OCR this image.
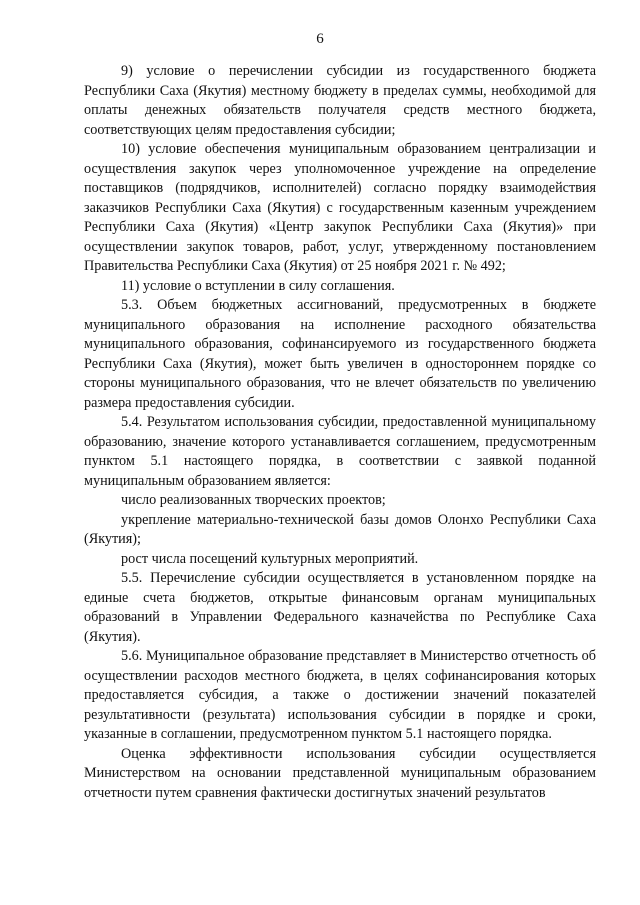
6

9) условие о перечислении субсидии из государственного бюджета Республики Саха (Якутия) местному бюджету в пределах суммы, необходимой для оплаты денежных обязательств получателя средств местного бюджета, соответствующих целям предоставления субсидии;

10) условие обеспечения муниципальным образованием централизации и осуществления закупок через уполномоченное учреждение на определение поставщиков (подрядчиков, исполнителей) согласно порядку взаимодействия заказчиков Республики Саха (Якутия) с государственным казенным учреждением Республики Саха (Якутия) «Центр закупок Республики Саха (Якутия)» при осуществлении закупок товаров, работ, услуг, утвержденному постановлением Правительства Республики Саха (Якутия) от 25 ноября 2021 г. № 492;

11) условие о вступлении в силу соглашения.

5.3. Объем бюджетных ассигнований, предусмотренных в бюджете муниципального образования на исполнение расходного обязательства муниципального образования, софинансируемого из государственного бюджета Республики Саха (Якутия), может быть увеличен в одностороннем порядке со стороны муниципального образования, что не влечет обязательств по увеличению размера предоставления субсидии.

5.4. Результатом использования субсидии, предоставленной муниципальному образованию, значение которого устанавливается соглашением, предусмотренным пунктом 5.1 настоящего порядка, в соответствии с заявкой поданной муниципальным образованием является:

число реализованных творческих проектов;

укрепление материально-технической базы домов Олонхо Республики Саха (Якутия);

рост числа посещений культурных мероприятий.

5.5. Перечисление субсидии осуществляется в установленном порядке на единые счета бюджетов, открытые финансовым органам муниципальных образований в Управлении Федерального казначейства по Республике Саха (Якутия).

5.6. Муниципальное образование представляет в Министерство отчетность об осуществлении расходов местного бюджета, в целях софинансирования которых предоставляется субсидия, а также о достижении значений показателей результативности (результата) использования субсидии в порядке и сроки, указанные в соглашении, предусмотренном пунктом 5.1 настоящего порядка.

Оценка эффективности использования субсидии осуществляется Министерством на основании представленной муниципальным образованием отчетности путем сравнения фактически достигнутых значений результатов
